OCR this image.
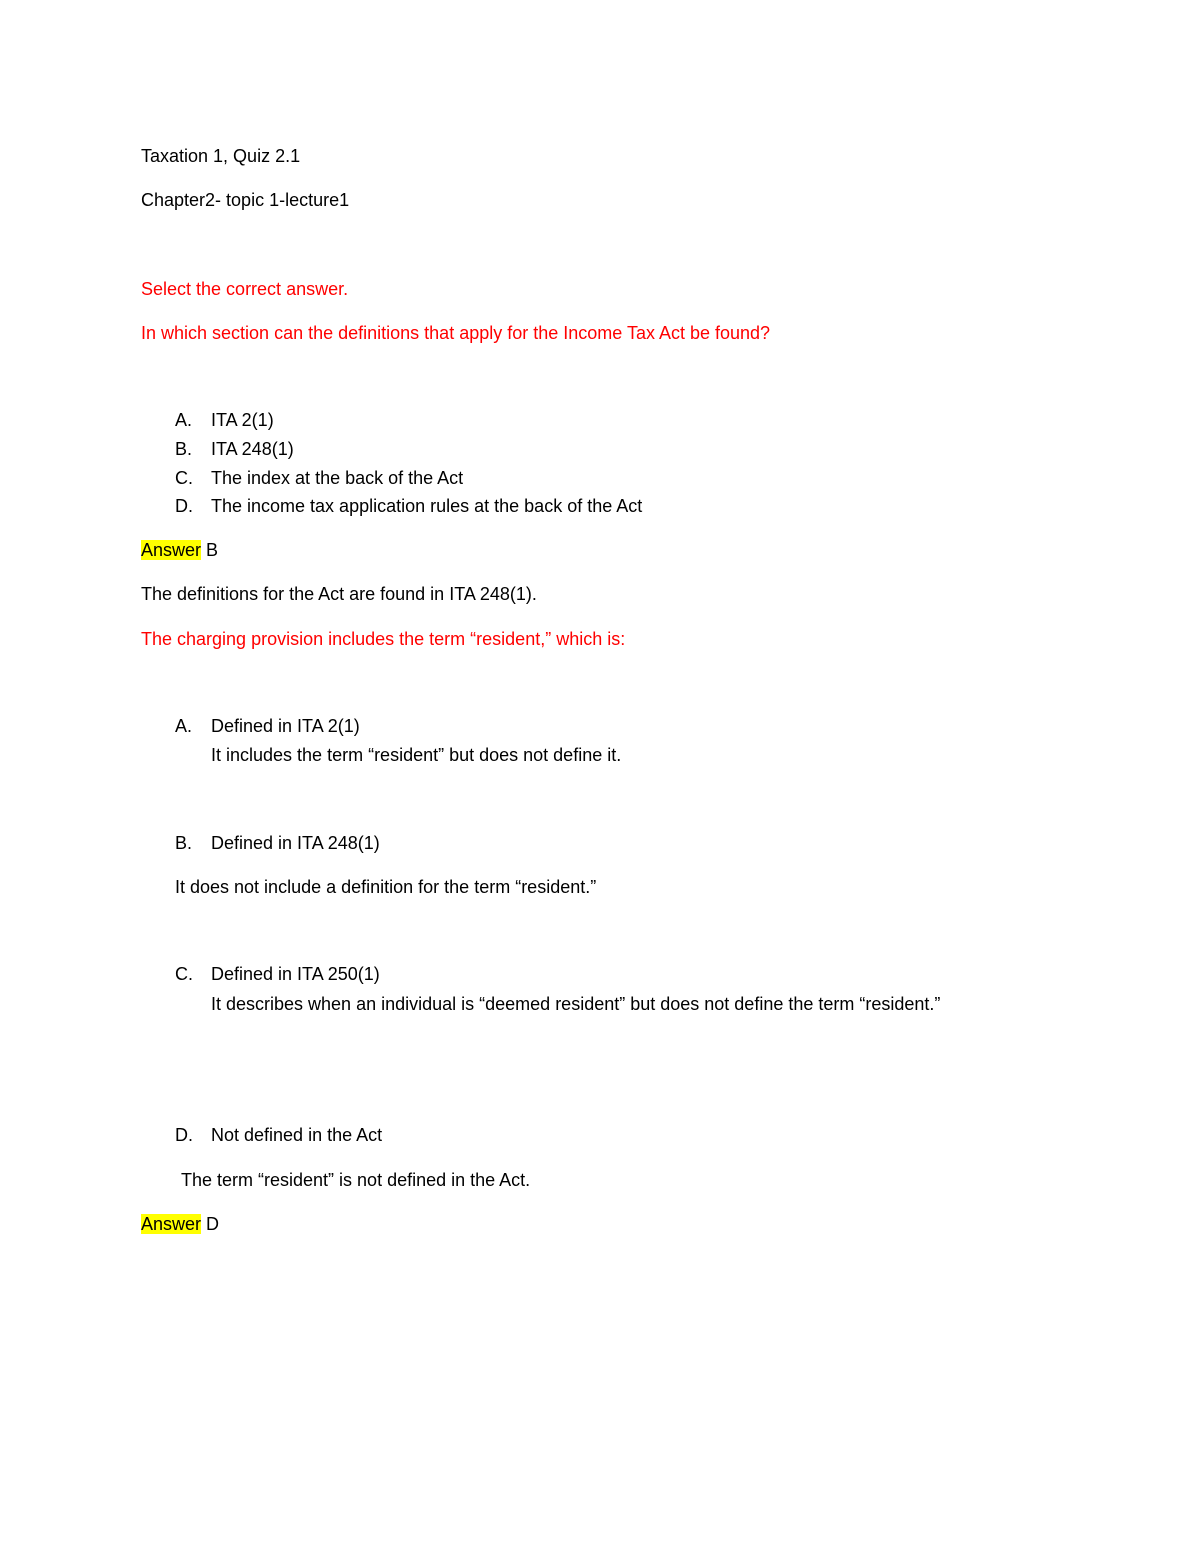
Taxation 1, Quiz 2.1
Chapter2- topic 1-lecture1
Select the correct answer.
In which section can the definitions that apply for the Income Tax Act be found?
A.	ITA 2(1)
B.	ITA 248(1)
C.	The index at the back of the Act
D.	The income tax application rules at the back of the Act
Answer B
The definitions for the Act are found in ITA 248(1).
The charging provision includes the term “resident,” which is:
A.	Defined in ITA 2(1)
It includes the term “resident” but does not define it.
B.	Defined in ITA 248(1)
It does not include a definition for the term “resident.”
C.	Defined in ITA 250(1)
It describes when an individual is “deemed resident” but does not define the term “resident.”
D.	Not defined in the Act
The term “resident” is not defined in the Act.
Answer D
